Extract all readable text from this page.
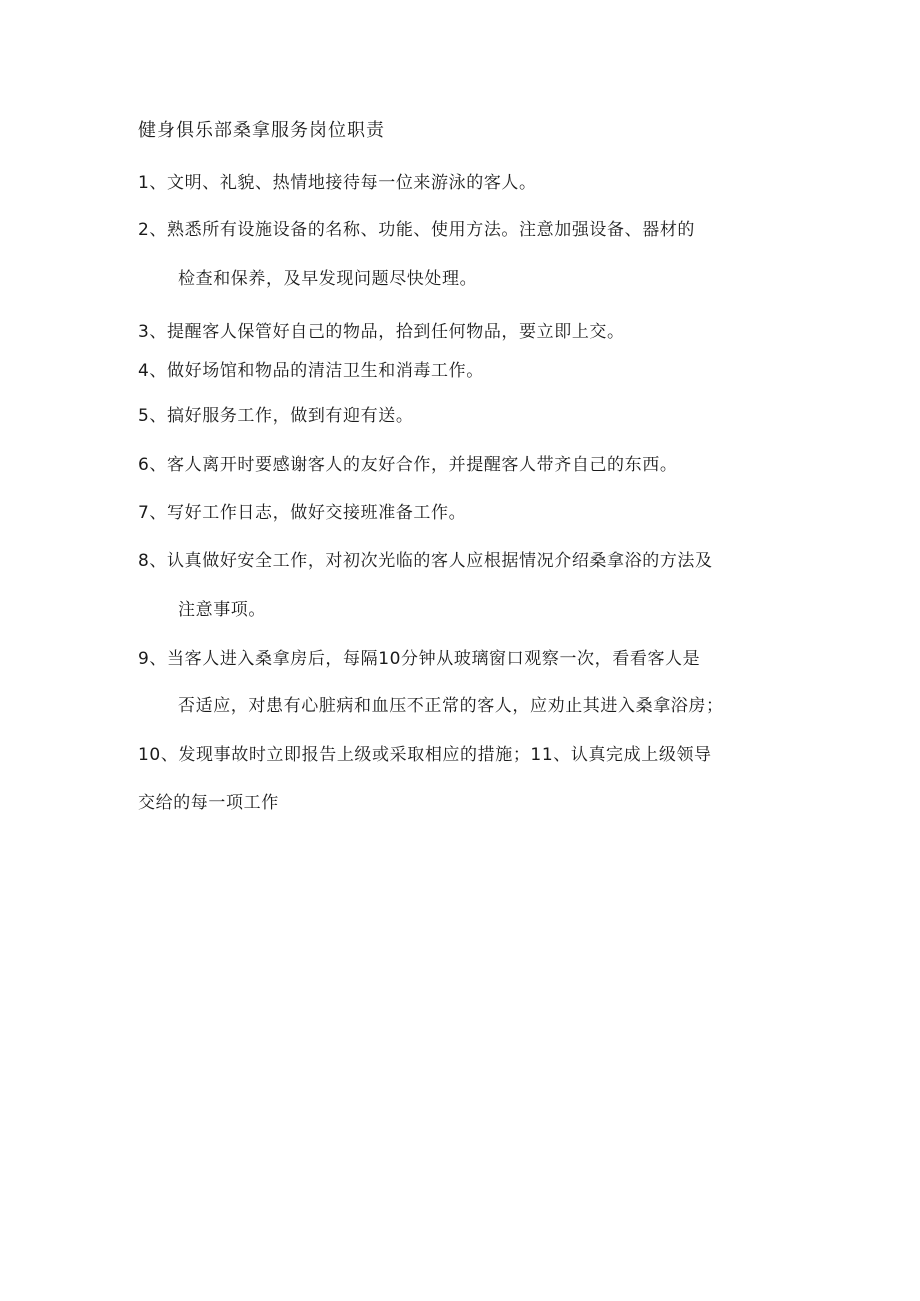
健身俱乐部桑拿服务岗位职责
1、文明、礼貌、热情地接待每一位来游泳的客人。
2、熟悉所有设施设备的名称、功能、使用方法。注意加强设备、器材的
检查和保养，及早发现问题尽快处理。
3、提醒客人保管好自己的物品，拾到任何物品，要立即上交。
4、做好场馆和物品的清洁卫生和消毒工作。
5、搞好服务工作，做到有迎有送。
6、客人离开时要感谢客人的友好合作，并提醒客人带齐自己的东西。
7、写好工作日志，做好交接班准备工作。
8、认真做好安全工作，对初次光临的客人应根据情况介绍桑拿浴的方法及
注意事项。
9、当客人进入桑拿房后，每隔10分钟从玻璃窗口观察一次，看看客人是
否适应，对患有心脏病和血压不正常的客人，应劝止其进入桑拿浴房；
10、发现事故时立即报告上级或采取相应的措施；11、认真完成上级领导
交给的每一项工作
